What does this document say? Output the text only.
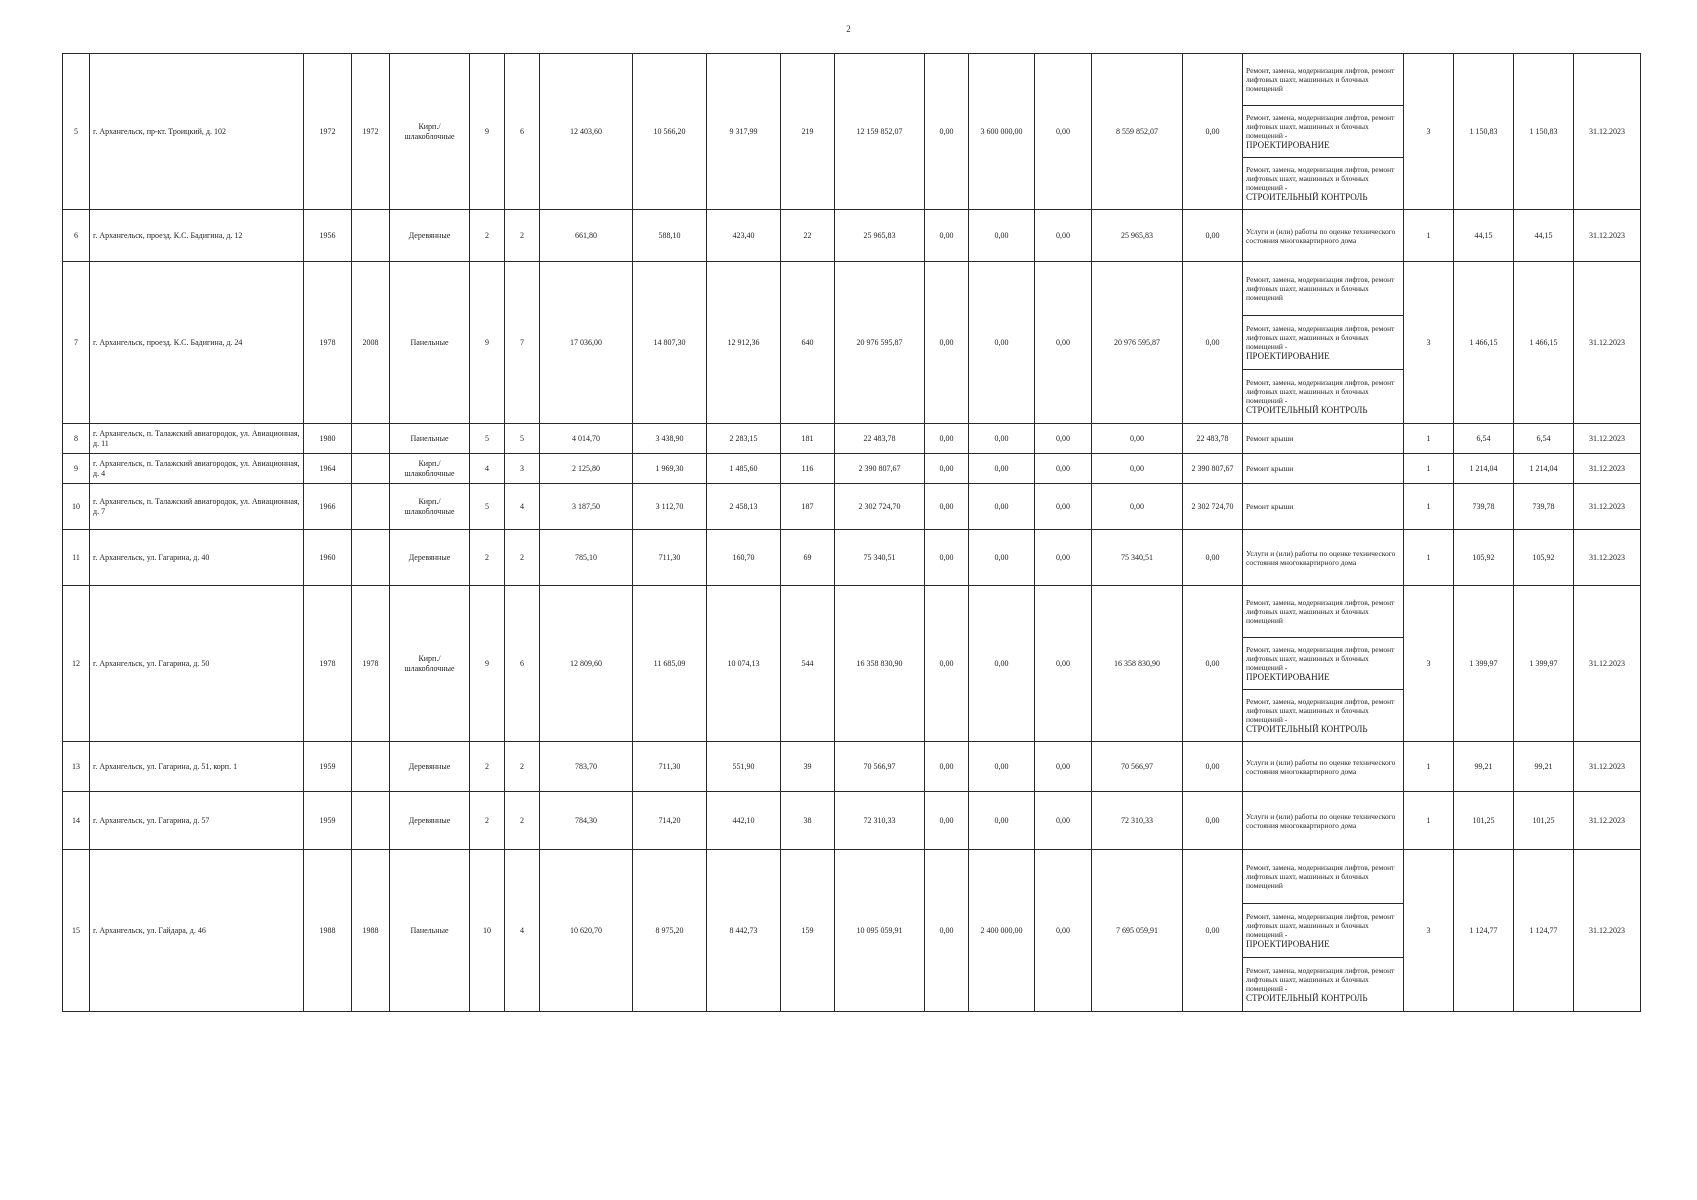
2
5	г. Архангельск, пр-кт. Троицкий, д. 102	1972	1972	Кирп./ шлакоблочные	9	6	12 403,60	10 566,20	9 317,99	219	12 159 852,07	0,00	3 600 000,00	0,00	8 559 852,07	0,00	Ремонт, замена, модернизация лифтов, ремонт лифтовых шахт, машинных и блочных помещений
Ремонт, замена, модернизация лифтов, ремонт лифтовых шахт, машинных и блочных помещений -
ПРОЕКТИРОВАНИЕ
Ремонт, замена, модернизация лифтов, ремонт лифтовых шахт, машинных и блочных помещений -
СТРОИТЕЛЬНЫЙ КОНТРОЛЬ	3	1 150,83	1 150,83	31.12.2023
6	г. Архангельск, проезд. К.С. Бадигина, д. 12	1956		Деревянные	2	2	661,80	588,10	423,40	22	25 965,83	0,00	0,00	0,00	25 965,83	0,00	Услуги и (или) работы по оценке технического состояния многоквартирного дома	1	44,15	44,15	31.12.2023
7	г. Архангельск, проезд. К.С. Бадигина, д. 24	1978	2008	Панельные	9	7	17 036,00	14 807,30	12 912,36	640	20 976 595,87	0,00	0,00	0,00	20 976 595,87	0,00	Ремонт, замена, модернизация лифтов, ремонт лифтовых шахт, машинных и блочных помещений
Ремонт, замена, модернизация лифтов, ремонт лифтовых шахт, машинных и блочных помещений -
ПРОЕКТИРОВАНИЕ
Ремонт, замена, модернизация лифтов, ремонт лифтовых шахт, машинных и блочных помещений -
СТРОИТЕЛЬНЫЙ КОНТРОЛЬ	3	1 466,15	1 466,15	31.12.2023
8	г. Архангельск, п. Талажский авиагородок, ул. Авиационная, д. 11	1980		Панельные	5	5	4 014,70	3 438,90	2 283,15	181	22 483,78	0,00	0,00	0,00	0,00	22 483,78	Ремонт крыши	1	6,54	6,54	31.12.2023
9	г. Архангельск, п. Талажский авиагородок, ул. Авиационная, д. 4	1964		Кирп./ шлакоблочные	4	3	2 125,80	1 969,30	1 485,60	116	2 390 807,67	0,00	0,00	0,00	0,00	2 390 807,67	Ремонт крыши	1	1 214,04	1 214,04	31.12.2023
10	г. Архангельск, п. Талажский авиагородок, ул. Авиационная, д. 7	1966		Кирп./ шлакоблочные	5	4	3 187,50	3 112,70	2 458,13	187	2 302 724,70	0,00	0,00	0,00	0,00	2 302 724,70	Ремонт крыши	1	739,78	739,78	31.12.2023
11	г. Архангельск, ул. Гагарина, д. 40	1960		Деревянные	2	2	785,10	711,30	160,70	69	75 340,51	0,00	0,00	0,00	75 340,51	0,00	Услуги и (или) работы по оценке технического состояния многоквартирного дома	1	105,92	105,92	31.12.2023
12	г. Архангельск, ул. Гагарина, д. 50	1978	1978	Кирп./ шлакоблочные	9	6	12 809,60	11 685,09	10 074,13	544	16 358 830,90	0,00	0,00	0,00	16 358 830,90	0,00	Ремонт, замена, модернизация лифтов, ремонт лифтовых шахт, машинных и блочных помещений
Ремонт, замена, модернизация лифтов, ремонт лифтовых шахт, машинных и блочных помещений -
ПРОЕКТИРОВАНИЕ
Ремонт, замена, модернизация лифтов, ремонт лифтовых шахт, машинных и блочных помещений -
СТРОИТЕЛЬНЫЙ КОНТРОЛЬ	3	1 399,97	1 399,97	31.12.2023
13	г. Архангельск, ул. Гагарина, д. 51, корп. 1	1959		Деревянные	2	2	783,70	711,30	551,90	39	70 566,97	0,00	0,00	0,00	70 566,97	0,00	Услуги и (или) работы по оценке технического состояния многоквартирного дома	1	99,21	99,21	31.12.2023
14	г. Архангельск, ул. Гагарина, д. 57	1959		Деревянные	2	2	784,30	714,20	442,10	38	72 310,33	0,00	0,00	0,00	72 310,33	0,00	Услуги и (или) работы по оценке технического состояния многоквартирного дома	1	101,25	101,25	31.12.2023
15	г. Архангельск, ул. Гайдара, д. 46	1988	1988	Панельные	10	4	10 620,70	8 975,20	8 442,73	159	10 095 059,91	0,00	2 400 000,00	0,00	7 695 059,91	0,00	Ремонт, замена, модернизация лифтов, ремонт лифтовых шахт, машинных и блочных помещений
Ремонт, замена, модернизация лифтов, ремонт лифтовых шахт, машинных и блочных помещений -
ПРОЕКТИРОВАНИЕ
Ремонт, замена, модернизация лифтов, ремонт лифтовых шахт, машинных и блочных помещений -
СТРОИТЕЛЬНЫЙ КОНТРОЛЬ	3	1 124,77	1 124,77	31.12.2023
